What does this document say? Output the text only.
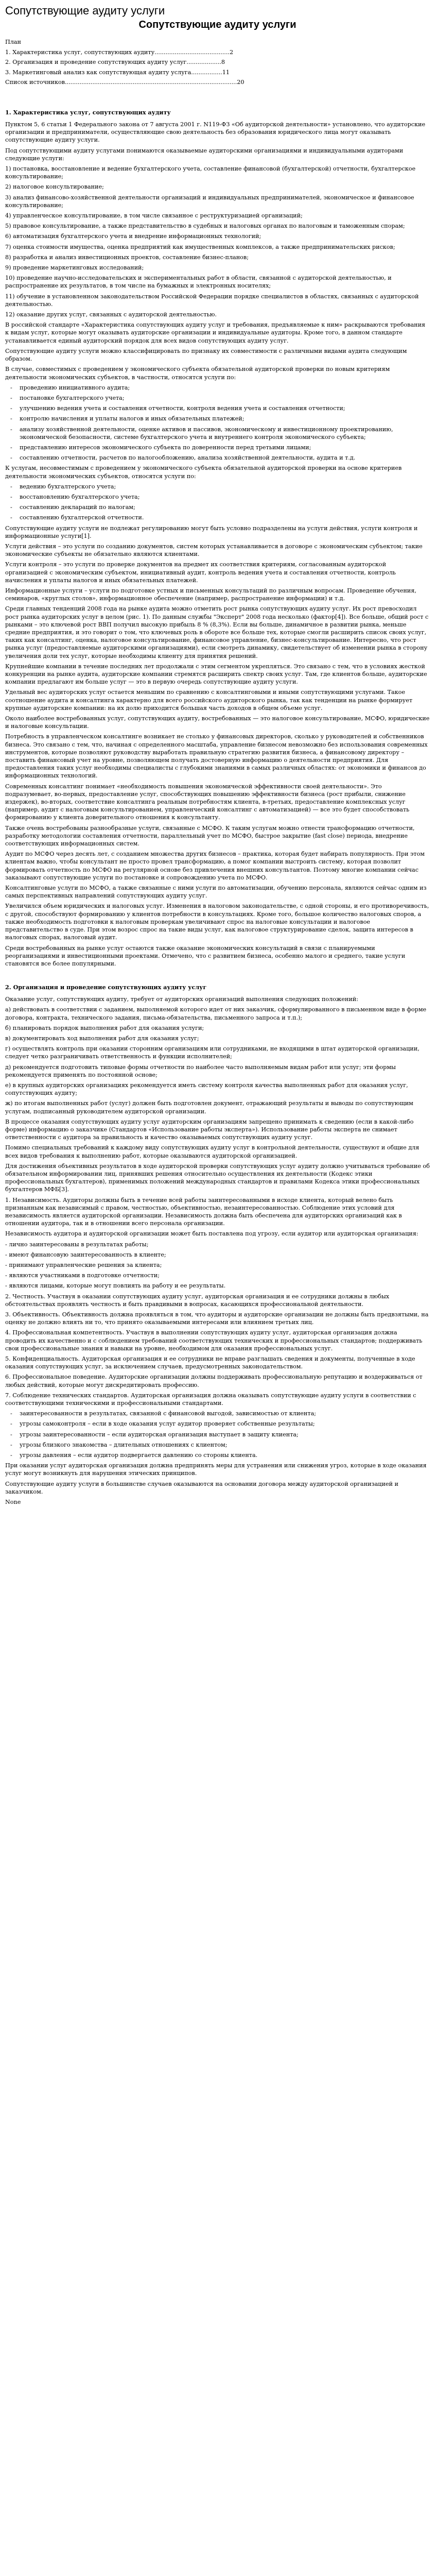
Сопутствующие аудиту услуги
Сопутствующие аудиту услуги
План
1. Характеристика услуг, сопутствующих аудиту.........................................2
2. Организация и проведение сопутствующих аудиту услуг...................8
3. Маркетинговый анализ как сопутствующая аудиту услуга.................11
Список источников..............................................................................................20
1. Характеристика услуг, сопутствующих аудиту
Пунктом 5, 6 статьи 1 Федерального закона от 7 августа 2001 г. N119-ФЗ «Об аудиторской деятельности» установлено, что аудиторские организации и предприниматели, осуществляющие свою деятельность без образования юридического лица могут оказывать сопутствующие аудиту услуги.
Под сопутствующими аудиту услугами понимаются оказываемые аудиторскими организациями и индивидуальными аудиторами следующие услуги:
1) постановка, восстановление и ведение бухгалтерского учета, составление финансовой (бухгалтерской) отчетности, бухгалтерское консультирование;
2) налоговое консультирование;
3) анализ финансово-хозяйственной деятельности организаций и индивидуальных предпринимателей, экономическое и финансовое консультирование;
4) управленческое консультирование, в том числе связанное с реструктуризацией организаций;
5) правовое консультирование, а также представительство в судебных и налоговых органах по налоговым и таможенным спорам;
6) автоматизация бухгалтерского учета и внедрение информационных технологий;
7) оценка стоимости имущества, оценка предприятий как имущественных комплексов, а также предпринимательских рисков;
8) разработка и анализ инвестиционных проектов, составление бизнес-планов;
9) проведение маркетинговых исследований;
10) проведение научно-исследовательских и экспериментальных работ в области, связанной с аудиторской деятельностью, и распространение их результатов, в том числе на бумажных и электронных носителях;
11) обучение в установленном законодательством Российской Федерации порядке специалистов в областях, связанных с аудиторской деятельностью.
12) оказание других услуг, связанных с аудиторской деятельностью.
В российской стандарте «Характеристика сопутствующих аудиту услуг и требования, предъявляемые к ним» раскрываются требования к видам услуг, которые могут оказывать аудиторские организации и индивидуальные аудиторы. Кроме того, в данном стандарте устанавливается единый аудиторский порядок для всех видов сопутствующих аудиту услуг.
Сопутствующие аудиту услуги можно классифицировать по признаку их совместимости с различными видами аудита следующим образом.
В случае, совместимых с проведением у экономического субъекта обязательной аудиторской проверки по новым критериям деятельности экономических субъектов, в частности, относятся услуги по:
- проведению инициативного аудита;
- постановке бухгалтерского учета;
- улучшению ведения учета и составления отчетности, контроля ведения учета и составления отчетности;
- контролю начисления и уплаты налогов и иных обязательных платежей;
- анализу хозяйственной деятельности, оценке активов и пассивов, экономическому и инвестиционному проектированию, экономической безопасности, системе бухгалтерского учета и внутреннего контроля экономического субъекта;
- представлению интересов экономического субъекта по доверенности перед третьими лицами;
- составлению отчетности, расчетов по налогообложению, анализа хозяйственной деятельности, аудита и т.д.
К услугам, несовместимым с проведением у экономического субъекта обязательной аудиторской проверки на основе критериев деятельности экономических субъектов, относятся услуги по:
- ведению бухгалтерского учета;
- восстановлению бухгалтерского учета;
- составлению деклараций по налогам;
- составлению бухгалтерской отчетности.
Сопутствующие аудиту услуги не подлежат регулированию могут быть условно подразделены на услуги действия, услуги контроля и информационные услуги[1].
Услуги действия – это услуги по созданию документов, систем которых устанавливается в договоре с экономическим субъектом; такие экономические субъекты не обязательно являются клиентами.
Услуги контроля – это услуги по проверке документов на предмет их соответствия критериям, согласованным аудиторской организацией с экономическим субъектом, инициативный аудит, контроль ведения учета и составления отчетности, контроль начисления и уплаты налогов и иных обязательных платежей.
Информационные услуги – услуги по подготовке устных и письменных консультаций по различным вопросам. Проведение обучения, семинаров, «круглых столов», информационное обеспечение (например, распространение информации) и т.д.
Среди главных тенденций 2008 года на рынке аудита можно отметить рост рынка сопутствующих аудиту услуг. Их рост превосходил рост рынка аудиторских услуг в целом (рис. 1). По данным службы "Эксперт" 2008 года несколько (фактор[4]). Все больше, общий рост с рынками – это ключевой рост ВВП получил высокую прибыль 8 % (8,3%). Если вы больше, динамичное в развитии рынка, меньше средние предприятия, и это говорит о том, что ключевых роль в обороте все больше тех, которые смогли расширить список своих услуг, таких как консалтинг, оценка, налоговое консультирование, финансовое управление, бизнес-консультирование. Интересно, что рост рынка услуг (предоставляемые аудиторскими организациями), если смотреть динамику, свидетельствует об изменении рынка в сторону увеличения доли тех услуг, которые необходимы клиенту для принятия решений.
Крупнейшие компании в течение последних лет продолжали с этим сегментом укрепляться. Это связано с тем, что в условиях жесткой конкуренции на рынке аудита, аудиторские компании стремятся расширить спектр своих услуг. Там, где клиентов больше, аудиторские компании предлагают им больше услуг — это в первую очередь сопутствующие аудиту услуги.
Удельный вес аудиторских услуг остается меньшим по сравнению с консалтинговыми и иными сопутствующими услугами. Такое соотношение аудита и консалтинга характерно для всего российского аудиторского рынка, так как тенденции на рынке формирует крупные аудиторские компании: на их долю приходится большая часть доходов в общем объеме услуг.
Около наиболее востребованных услуг, сопутствующих аудиту, востребованных — это налоговое консультирование, МСФО, юридические и налоговые консультации.
Потребность в управленческом консалтинге возникает не столько у финансовых директоров, сколько у руководителей и собственников бизнеса. Это связано с тем, что, начиная с определенного масштаба, управление бизнесом невозможно без использования современных инструментов, которые позволяют руководству выработать правильную стратегию развития бизнеса, а финансовому директору – поставить финансовый учет на уровне, позволяющем получать достоверную информацию о деятельности предприятия. Для предоставления таких услуг необходимы специалисты с глубокими знаниями в самых различных областях: от экономики и финансов до информационных технологий.
Современных консалтинг понимает «необходимость повышения экономической эффективности своей деятельности». Это подразумевает, во-первых, предоставление услуг, способствующих повышению эффективности бизнеса (рост прибыли, снижение издержек), во-вторых, соответствие консалтинга реальным потребностям клиента, в-третьих, предоставление комплексных услуг (например, аудит с налоговым консультированием, управленческий консалтинг с автоматизацией) — все это будет способствовать формированию у клиента доверительного отношения к консультанту.
Также очень востребованы разнообразные услуги, связанные с МСФО. К таким услугам можно отнести трансформацию отчетности, разработку методологии составления отчетности, параллельный учет по МСФО, быстрое закрытие (fast close) периода, внедрение соответствующих информационных систем.
Аудит по МСФО через десять лет, с созданием множества других бизнесов – практика, которая будет набирать популярность. При этом клиентам важно, чтобы консультант не просто провел трансформацию, а помог компании выстроить систему, которая позволит формировать отчетность по МСФО на регулярной основе без привлечения внешних консультантов. Поэтому многие компании сейчас заказывают сопутствующие услуги по постановке и сопровождению учета по МСФО.
Консалтинговые услуги по МСФО, а также связанные с ними услуги по автоматизации, обучению персонала, являются сейчас одним из самых перспективных направлений сопутствующих аудиту услуг.
Увеличился объем юридических и налоговых услуг. Изменения в налоговом законодательстве, с одной стороны, и его противоречивость, с другой, способствуют формированию у клиентов потребности в консультациях. Кроме того, большое количество налоговых споров, а также необходимость подготовки к налоговым проверкам увеличивают спрос на налоговые консультации и налоговое представительство в суде. При этом возрос спрос на такие виды услуг, как налоговое структурирование сделок, защита интересов в налоговых спорах, налоговый аудит.
Среди востребованных на рынке услуг остаются также оказание экономических консультаций в связи с планируемыми реорганизациями и инвестиционными проектами. Отмечено, что с развитием бизнеса, особенно малого и среднего, такие услуги становятся все более популярными.
2. Организация и проведение сопутствующих аудиту услуг
Оказание услуг, сопутствующих аудиту, требует от аудиторских организаций выполнения следующих положений:
а) действовать в соответствии с заданием, выполняемой которого идет от них заказчик, сформулированного в письменном виде в форме договора, контракта, технического задания, письма-обязательства, письменного запроса и т.п.);
б) планировать порядок выполнения работ для оказания услуги;
в) документировать ход выполнения работ для оказания услуг;
г) осуществлять контроль при оказании сторонним организациям или сотрудниками, не входящими в штат аудиторской организации, следует четко разграничивать ответственность и функции исполнителей;
д) рекомендуется подготовить типовые формы отчетности по наиболее часто выполняемым видам работ или услуг; эти формы рекомендуется применять по постоянной основе;
е) в крупных аудиторских организациях рекомендуется иметь систему контроля качества выполненных работ для оказания услуг, сопутствующих аудиту;
ж) по итогам выполненных работ (услуг) должен быть подготовлен документ, отражающий результаты и выводы по сопутствующим услугам, подписанный руководителем аудиторской организации.
В процессе оказания сопутствующих аудиту услуг аудиторским организациям запрещено принимать к сведению (если в какой-либо форме) информацию о заказчике (Стандартов «Использование работы эксперта»). Использование работы эксперта не снимает ответственности с аудитора за правильность и качество оказываемых сопутствующих аудиту услуг.
Помимо специальных требований к каждому виду сопутствующих аудиту услуг в контрольной деятельности, существуют и общие для всех видов требования к выполнению работ, которые оказываются аудиторской организацией.
Для достижения объективных результатов в ходе аудиторской проверки сопутствующих услуг аудиту должно учитываться требование об обязательном информировании лиц, принявших решения относительно осуществления их деятельности (Кодекс этики профессиональных бухгалтеров), применимых положений международных стандартов и правилами Кодекса этики профессиональных бухгалтеров МФБ[3].
1. Независимость. Аудиторы должны быть в течение всей работы заинтересованными в исходе клиента, который велено быть признанным как независимый с правом, честностью, объективностью, незаинтересованностью. Соблюдение этих условий для независимость является аудиторской организации. Независимость должна быть обеспечена для аудиторских организаций как в отношении аудитора, так и в отношении всего персонала организации.
Независимость аудитора и аудиторской организации может быть поставлена под угрозу, если аудитор или аудиторская организация:
- лично заинтересованы в результатах работы;
- имеют финансовую заинтересованность в клиенте;
- принимают управленческие решения за клиента;
- являются участниками в подготовке отчетности;
- являются лицами, которые могут повлиять на работу и ее результаты.
2. Честность. Участвуя в оказании сопутствующих аудиту услуг, аудиторская организация и ее сотрудники должны в любых обстоятельствах проявлять честность и быть правдивыми в вопросах, касающихся профессиональной деятельности.
3. Объективность. Объективность должна проявляться в том, что аудиторы и аудиторские организации не должны быть предвзятыми, на оценку не должно влиять ни то, что принято оказываемыми интересами или влиянием третьих лиц.
4. Профессиональная компетентность. Участвуя в выполнении сопутствующих аудиту услуг, аудиторская организация должна проводить их качественно и с соблюдением требований соответствующих технических и профессиональных стандартов; поддерживать свои профессиональные знания и навыки на уровне, необходимом для оказания профессиональных услуг.
5. Конфиденциальность. Аудиторская организация и ее сотрудники не вправе разглашать сведения и документы, полученные в ходе оказания сопутствующих услуг, за исключением случаев, предусмотренных законодательством.
6. Профессиональное поведение. Аудиторские организации должны поддерживать профессиональную репутацию и воздерживаться от любых действий, которые могут дискредитировать профессию.
7. Соблюдение технических стандартов. Аудиторская организация должна оказывать сопутствующие аудиту услуги в соответствии с соответствующими техническими и профессиональными стандартами.
- заинтересованности в результатах, связанной с финансовой выгодой, зависимостью от клиента;
- угрозы самоконтроля – если в ходе оказания услуг аудитор проверяет собственные результаты;
- угрозы заинтересованности – если аудиторская организация выступает в защиту клиента;
- угрозы близкого знакомства – длительных отношениях с клиентом;
- угрозы давления – если аудитор подвергается давлению со стороны клиента.
При оказании услуг аудиторская организация должна предпринять меры для устранения или снижения угроз, которые в ходе оказания услуг могут возникнуть для нарушения этических принципов.
Сопутствующие аудиту услуги в большинстве случаев оказываются на основании договора между аудиторской организацией и заказчиком.
None
